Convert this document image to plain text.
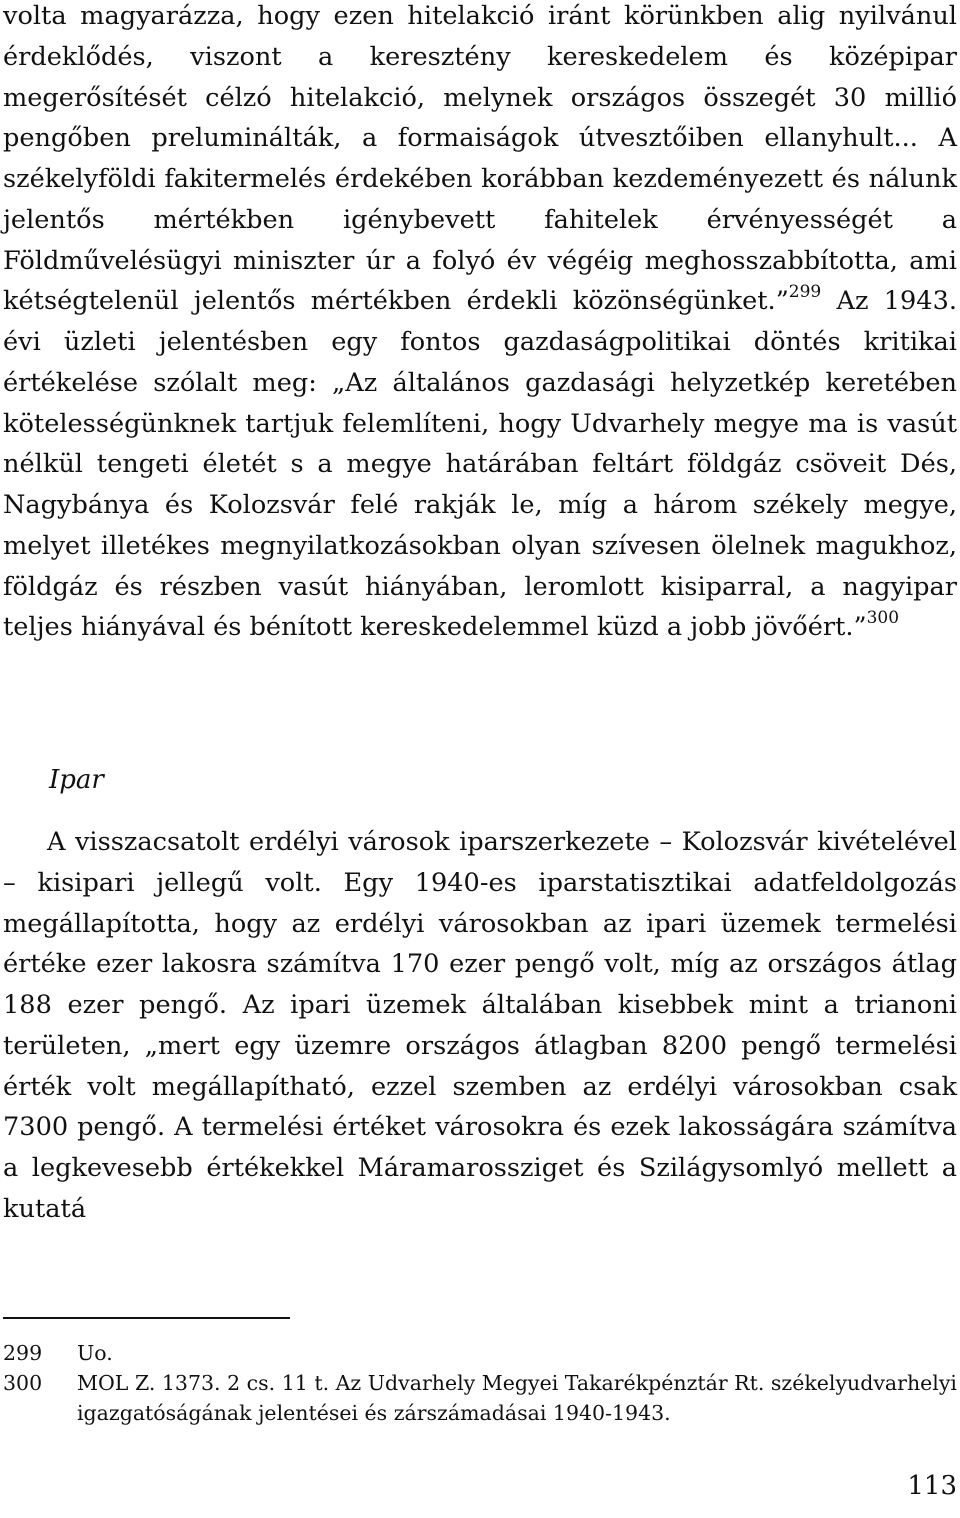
volta magyarázza, hogy ezen hitelakció iránt körünkben alig nyilvánul érdeklődés, viszont a keresztény kereskedelem és középipar megerősítését célzó hitelakció, melynek országos összegét 30 millió pengőben preluminálták, a formaiságok útvesztőiben ellanyhult... A székelyföldi fakitermelés érdekében korábban kezdeményezett és nálunk jelentős mértékben igénybevett fahitelek érvényességét a Földművelésügyi miniszter úr a folyó év végéig meghosszabbította, ami kétségtelenül jelentős mértékben érdekli közönségünket.”$^{299}$ Az 1943. évi üzleti jelentésben egy fontos gazdaságpolitikai döntés kritikai értékelése szólalt meg: „Az általános gazdasági helyzetkép keretében kötelességünknek tartjuk felemlíteni, hogy Udvarhely megye ma is vasút nélkül tengeti életét s a megye határában feltárt földgáz csöveit Dés, Nagybánya és Kolozsvár felé rakják le, míg a három székely megye, melyet illetékes megnyilatkozásokban olyan szívesen ölelnek magukhoz, földgáz és részben vasút hiányában, leromlott kisiparral, a nagyipar teljes hiányával és bénított kereskedelemmel küzd a jobb jövőért.”$^{300}$

Ipar

A visszacsatolt erdélyi városok iparszerkezete – Kolozsvár kivételével – kisipari jellegű volt. Egy 1940-es iparstatisztikai adatfeldolgozás megállapította, hogy az erdélyi városokban az ipari üzemek termelési értéke ezer lakosra számítva 170 ezer pengő volt, míg az országos átlag 188 ezer pengő. Az ipari üzemek általában kisebbek mint a trianoni területen, „mert egy üzemre országos átlagban 8200 pengő termelési érték volt megállapítható, ezzel szemben az erdélyi városokban csak 7300 pengő. A termelési értéket városokra és ezek lakosságára számítva a legkevesebb értékekkel Máramarossziget és Szilágysomlyó mellett a kutatá

299	Uo.
300	MOL Z. 1373. 2 cs. 11 t. Az Udvarhely Megyei Takarékpénztár Rt. székelyudvarhelyi igazgatóságának jelentései és zárszámadásai 1940-1943.
113
